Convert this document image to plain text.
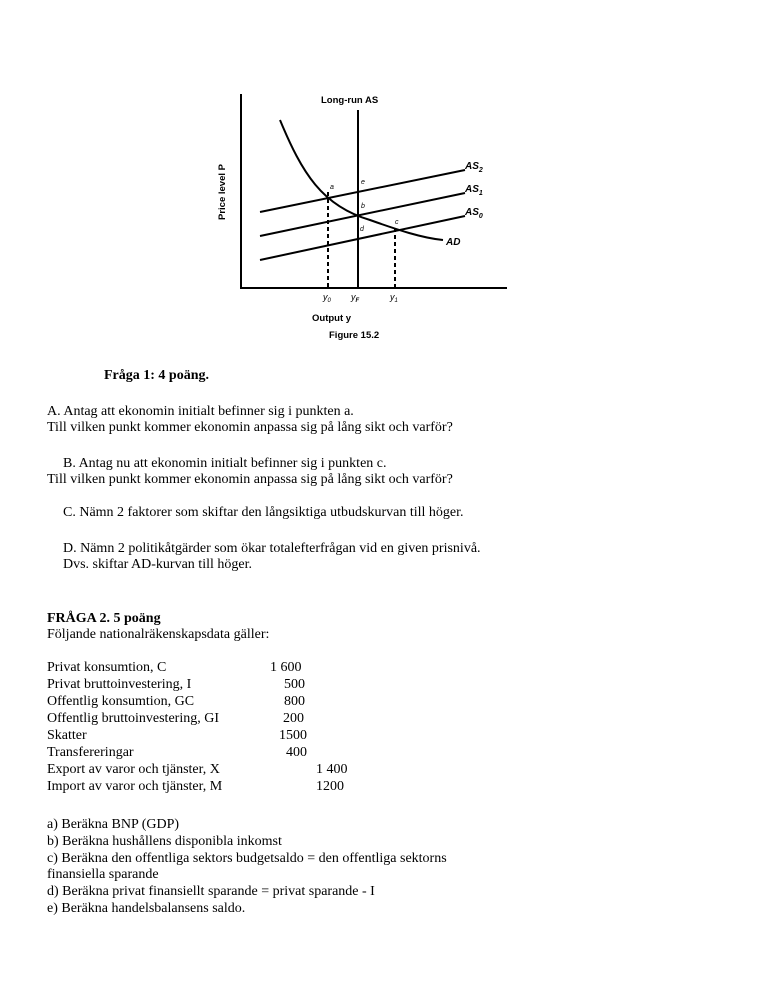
Long-run AS
Price level P	$AS_2$
$AS_1$
$AS_0$
AD
a
e
b
d
c
$y_0$ $y_F$	$y_1$
Output y
Figure 15.2
Fråga 1: 4 poäng.
A. Antag att ekonomin initialt befinner sig i punkten a.
Till vilken punkt kommer ekonomin anpassa sig på lång sikt och varför?
B. Antag nu att ekonomin initialt befinner sig i punkten c.
Till vilken punkt kommer ekonomin anpassa sig på lång sikt och varför?
C. Nämn 2 faktorer som skiftar den långsiktiga utbudskurvan till höger.
D. Nämn 2 politikåtgärder som ökar totalefterfrågan vid en given prisnivå.
Dvs. skiftar AD-kurvan till höger.
FRÅGA 2. 5 poäng
Följande nationalräkenskapsdata gäller:
Privat konsumtion, C	1 600
Privat bruttoinvestering, I	500
Offentlig konsumtion, GC	800
Offentlig bruttoinvestering, GI	200
Skatter	1500
Transfereringar	400
Export av varor och tjänster, X	1 400
Import av varor och tjänster, M	1200
a) Beräkna BNP (GDP)
b) Beräkna hushållens disponibla inkomst
c) Beräkna den offentliga sektors budgetsaldo = den offentliga sektorns
finansiella sparande
d) Beräkna privat finansiellt sparande = privat sparande - I
e) Beräkna handelsbalansens saldo.
